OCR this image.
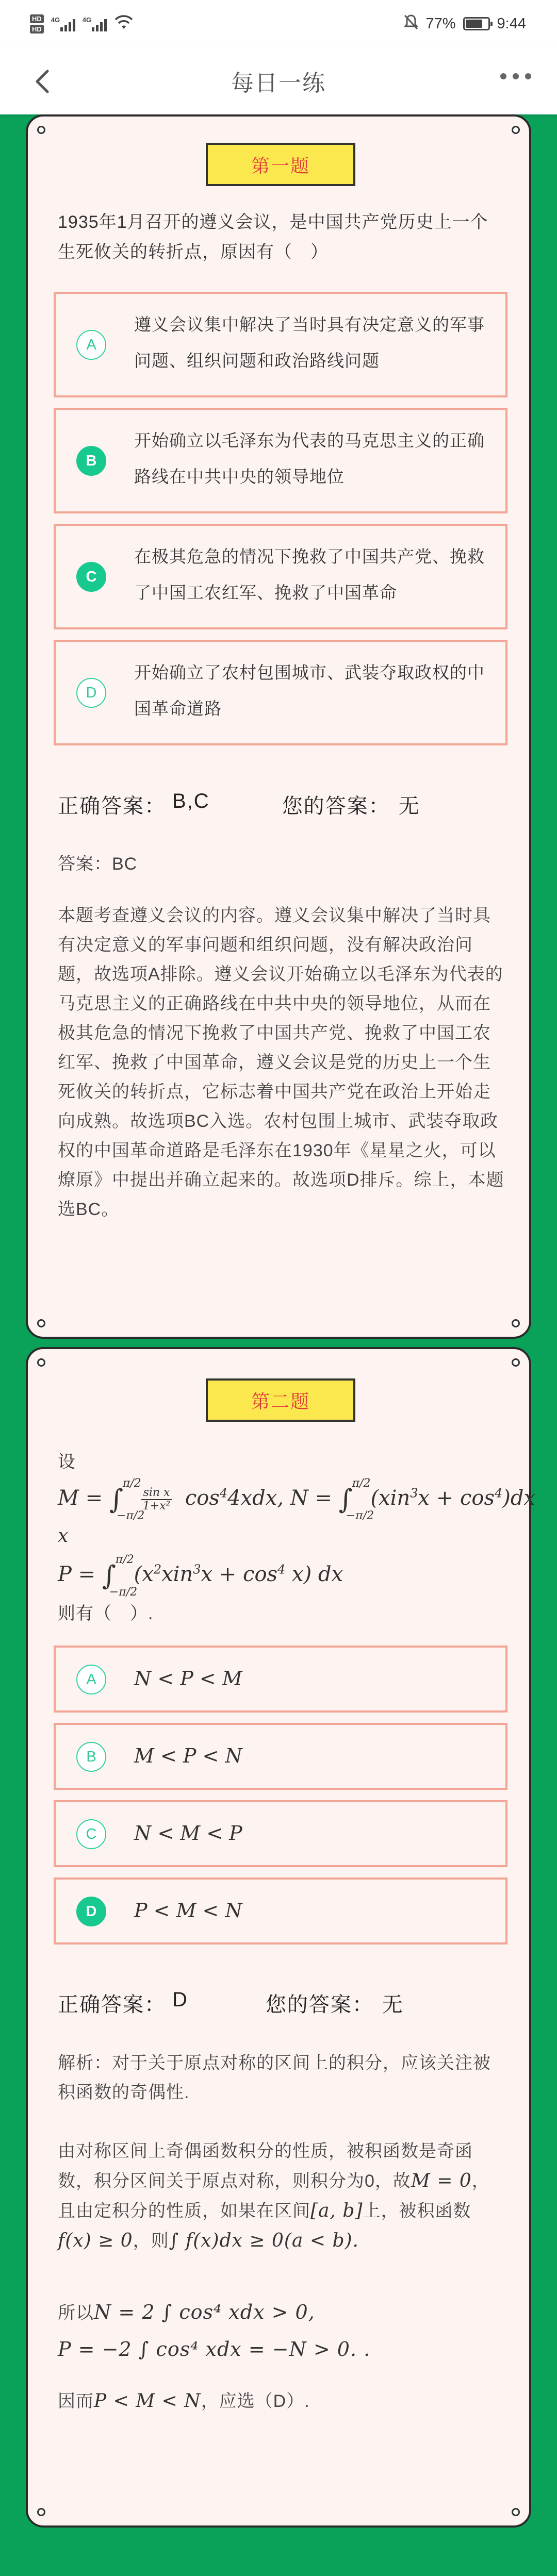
HD
HD
4G	4G	77%	9:44
每日一练
第一题
1935年1月召开的遵义会议，是中国共产党历史上一个生死攸关的转折点，原因有（　）
A
遵义会议集中解决了当时具有决定意义的军事问题、组织问题和政治路线问题
B
开始确立以毛泽东为代表的马克思主义的正确路线在中共中央的领导地位
C
在极其危急的情况下挽救了中国共产党、挽救了中国工农红军、挽救了中国革命
D
开始确立了农村包围城市、武装夺取政权的中国革命道路
正确答案： B,C	您的答案： 无
答案：BC
本题考查遵义会议的内容。遵义会议集中解决了当时具有决定意义的军事问题和组织问题，没有解决政治问题，故选项A排除。遵义会议开始确立以毛泽东为代表的马克思主义的正确路线在中共中央的领导地位，从而在极其危急的情况下挽救了中国共产党、挽救了中国工农红军、挽救了中国革命，遵义会议是党的历史上一个生死攸关的转折点，它标志着中国共产党在政治上开始走向成熟。故选项BC入选。农村包围上城市、武装夺取政权的中国革命道路是毛泽东在1930年《星星之火，可以燎原》中提出并确立起来的。故选项D排斥。综上，本题选BC。
第二题
设
M = ∫
π/2
−π/2

$\frac{\text{sin x}}{\text{1+x²}} \cos^44xdx$, N = ∫
π/2
−π/2
$(xin^3x + \cos^4)dx$
x
P = ∫
π/2
−π/2
$(x^2xin^3x + \cos^4 x)$ dx
则有（　）.
A	N < P < M
B	M < P < N
C	N < M < P
D	P < M < N
正确答案： D	您的答案： 无
解析：对于关于原点对称的区间上的积分，应该关注被积函数的奇偶性.
由对称区间上奇偶函数积分的性质，被积函数是奇函数，积分区间关于原点对称，则积分为0，故M = 0，且由定积分的性质，如果在区间[a, b]上，被积函数f(x) ≥ 0，则∫ f(x)dx ≥ 0(a < b).
所以N = 2 ∫ cos⁴ xdx > 0,
P = −2 ∫ cos⁴ xdx = −N > 0. .
因而P < M < N，应选（D）.
